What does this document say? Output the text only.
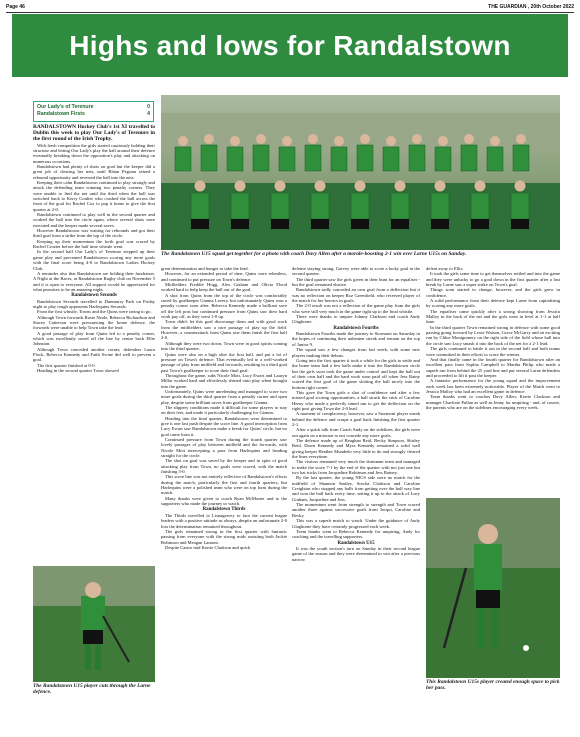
Page 46	THE GUARDIAN , 20th October 2022
Highs and lows for Randalstown
Our Lady's of Terenure	0
Randalstown Firsts	4
The Randalstown U15 squad get together for a photo with coach Davy Allen after a morale-boosting 2-1 win over Larne U15s on Sunday.

RANDALSTOWN Hockey Club's 1st XI travelled to Dublin this week to play Our Lady's of Terenure in the first round of the Irish Trophy.

With fresh competition the girls started cautiously holding their structure and letting Our Lady's play the ball around their defence eventually breaking down the opposition's play and attacking on numerous occasions.

Randalstown had plenty of shots on goal but the keeper did a great job of clearing her nets, until Rhian Pegram seized a rebound opportunity and reversed the ball into the nets.

Keeping their calm Randalstown continued to play strongly and attack the defending team winning two penalty corners. They were unable to find the net until the third when the ball was switched back to Kerry Coulter who crashed the ball across the front of the goal for Rachel Cox to pop it home to give the first quarter at 2-0.

Randalstown continued to play well in the second quarter and worked the ball into the circle again, where several shots were executed and the keeper made several saves.

However Randalstown was waiting for rebounds and got their third goal from a strike from the top of the circle.

Keeping up their momentum the forth goal was scored by Rachel Crozier before the half time whistle went.

In the second half Our Lady's of Terenure stepped up their game play and prevented Randalstown scoring any more goals with the final score being 4-0 to Randalstown Ladies Hockey Club.

A reminder also that Randalstown are holding their fundraiser, A Night at the Races, at Randalstown Rugby club on November 5 and it is open to everyone. All support would be appreciated for what promises to be an amazing night.

Randalstown Seconds

Randalstown Seconds travelled to Dunmurry Park on Friday night to play tough opponents Harlequins Seconds.

From the first whistle, Towns and the Quins were raring to go.

Although Town forwards Rosie Neale, Rebecca Richardson and Stacey Catterson were pressurising the home defence, the forwards were unable to help Town take the lead.

A good passage of play from Quins led to a penalty corner, which was excellently saved off the line by centre back Ellie Johnston.

Although Town conceded another corner, defenders Laura Flock, Rebecca Kennedy and Faith Swine did well to prevent a goal.

The first quarter finished at 0-0.

Heading in the second quarter Town showed

The Randalstown U15 player cuts through the Larne defence.

great determination and hunger to take the lead.

However, for an extended period of time, Quins were relentless, and continued to put pressure on Town's defence.

Midfielders Freddie Hogg, Alex Graham and Olivia Flood worked hard to help keep the ball out of the goal.

A shot from Quins from the top of the circle was comfortably saved by goalkeeper Gianna Lavery, but unfortunately Quins won a penalty corner soon after. Rebecca Kennedy made a brilliant save off the left post but continued pressure from Quins saw their hard work pay off, as they went 1-0 up.

Town didn't let this goal discourage them and with good work from the midfielders saw a nice passage of play up the field. However, a counterattack from Quins saw them finish the first half 2-0.

Although they were two down, Town were in good spirits coming into the third quarter.

Quins were also on a high after the first half, and put a lot of pressure on Town's defence. That eventually led to a well-worked passage of play from midfield and forwards, resulting in a third goal past Town's goalkeeper to score their final goal.

Throughout the game, subs Nicole Mott, Lucy Ewart and Lauryn Millar worked hard and effortlessly shirted onto play when brought into the game.

Unfortunately, Quins were unrelenting and managed to score two more goals during the third quarter from a penalty corner and open play, despite some brilliant saves from goalkeeper Gianna.

The slippery conditions made it difficult for some players to stay on their feet, and made it particularly challenging for Gianna.

Heading into the final quarter, Randalstown were determined to give it one last push despite the score line. A good interception from Lucy Ewart saw Randalstown make a break for Quins' circle, but no goal came from it.

Continued pressure from Town during the fourth quarter saw lovely passages of play between midfield and the forwards, with Nicole Mott intercepting a pass from Harlequins and heading straight for the circle.

The shot on goal was saved by the keeper and in spite of good attacking play from Town, no goals were scored, with the match finishing 5-0.

This score line was not entirely reflective of Randalstown's efforts during the match, particularly the first and fourth quarters, but Harlequins were a polished team who were on top form during the match.

Many thanks were given to coach Ryan McMaster and to the supporters who made the journey to watch.

Randalstown Thirds

The Thirds travelled to Lisnagarvey to face the current league leaders with a positive attitude as always, despite an unfortunate 2-0 loss the determination remained throughout.

The girls remained strong in the first quarter with fantastic passing from everyone with the strong mids assisting both Jackie Robinson and Meagan Lamont.

Despite Castro mid Kerrie Clarkson and quick

defense staying strong, Garvey were able to score a lucky goal in the second quarter.

The third quarter saw the girls given in their hunt for an equaliser - but the goal remained elusive.

Randalstown sadly conceded an own goal from a deflection but it was no reflection on keeper Roz Greenfield, who received player of the match for her heroics in goals.

The 2-0 result was not a reflection of the game play from the girls who were still very much in the game right up to the final whistle.

There were thanks to umpire Johnny Clarkson and coach Andy Glaghorne.

Randalstown Fourths

Randalstown Fourths made the journey to Stormont on Saturday in the hopes of continuing their unbeaten streak and remain on the top of Junior 9.

The squad saw a few changes from last week, with some new players making their debuts.

Going into the first quarter it took a while for the girls to settle and the home team had a few balls make it into the Randalstown circle but the girls soon took the game under control and kept the ball out of their own half and the hard work soon paid off when Jess Rainy scored the first goal of the game slotting the ball nicely into the bottom right corner.

This gave the Town girls a shot of confidence and after a few missed goal scoring opportunities, a ball struck the stick of Caroline Henry who made a perfectly timed run to get the deflection on the right post giving Town the 2-0 lead.

A moment of complacency, however, saw a Stormont player sneak behind the defence and scrape a goal back finishing the first quarter 2-1.

After a quick talk from Coach Andy on the sidelines, the girls were out again on a mission to not concede any more goals.

The defence made up of Reaghan Reid, Becky Simpson, Shirley Reid, Dawn Kennedy and Myra Kennedy remained a solid wall giving keeper Heather Mundedo very little to do and strongly cleared the lines everytime.

The visitors remained very much the dominant team and managed to make the score 7-1 by the end of the quarter with not just one but two hat tricks from Jacqueline Robinson and Jess Rainey.

By the last quarter, the young NICS side were no match for the midfield of Shannon Smiley, Sorcha Clarkson and Caroline Creighton who stopped any balls from getting over the half way line and won the ball back every time, setting it up to the attack of Lucy Graham, Jacqueline and Jess.

The momentum went from strength to strength and Town scored another three against successive goals from Jacqui, Caroline and Becky.

This was a superb match to watch. Under the guidance of Andy Glaghorne they have certainly progressed each week.

Team thanks went to Rebecca Kennedy for umpiring, Andy for coaching and the travelling supporters.

Randalstown U15

It was the youth section's turn on Sunday in their second league game of the season and they were determined to win after a previous narrow

defeat away to Ellis.

It took the girls some time to get themselves settled and into the game and they were unlucky to go a goal down in the first quarter after a fast break by Larne saw a super strike on Town's goal.

Things soon started to change, however, and the girls grew in confidence.

A solid performance from their defence kept Larne from capitalising by scoring any more goals.

The equaliser came quickly after a strong showing from Jessica Malloy in the back of the net and the girls went in level at 1-1 at half time.

In the third quarter Town remained strong in defence with some good passing going forward by Lexie Watson, Grace McGarry and an exciting run by Chloe Montgomery on the right side of the field whose ball into the circle saw Lucy smash it into the back of the net for a 2-1 lead.

The girls continued to battle it out in the second half and both teams were committed in their efforts to score the winner.

And that finally came in the fourth quarter for Randalstown after an excellent pass from Sophia Campbell to Martha Philip who made a superb run from behind the 25 yard line and put several Larne defenders and proceeded to lift it past the keeper.

A fantastic performance for the young squad and the improvement each week has been extremely noticeable. Player of the Match went to Jessica Malloy who had an excellent game in defence.

Team thanks went to coaches Davy Allen, Kerrie Clarkson and manager Charlotte Pullan as well as Jenny for umpiring - and, of course, the parents who are on the sidelines encouraging every week.

This Randalstown U15s player created enough space to pick her pass.
